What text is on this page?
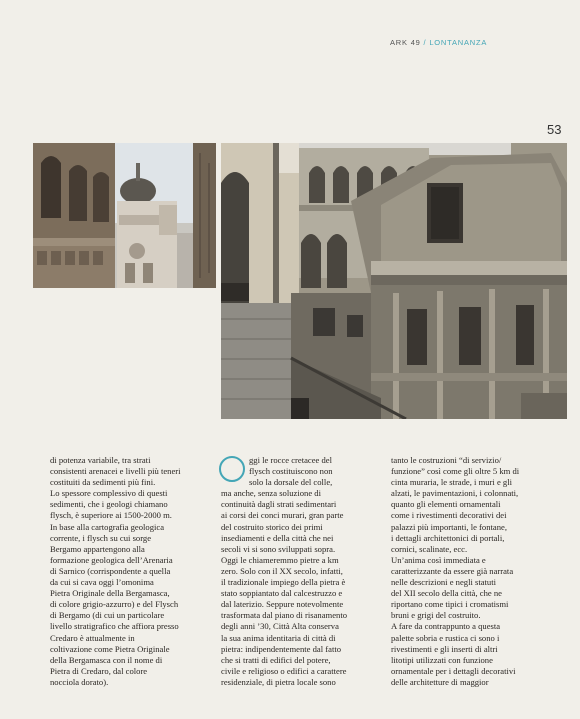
ARK 49 / LONTANANZA
53

di potenza variabile, tra strati
consistenti arenacei e livelli più teneri
costituiti da sedimenti più fini.
Lo spessore complessivo di questi
sedimenti, che i geologi chiamano
flysch, è superiore ai 1500-2000 m.
In base alla cartografia geologica
corrente, i flysch su cui sorge
Bergamo appartengono alla
formazione geologica dell’Arenaria
di Sarnico (corrispondente a quella
da cui si cava oggi l’omonima
Pietra Originale della Bergamasca,
di colore grigio-azzurro) e del Flysch
di Bergamo (di cui un particolare
livello stratigrafico che affiora presso
Credaro è attualmente in
coltivazione come Pietra Originale
della Bergamasca con il nome di
Pietra di Credaro, dal colore
nocciola dorato).

ggi le rocce cretacee del
flysch costituiscono non
solo la dorsale del colle,
ma anche, senza soluzione di
continuità dagli strati sedimentari
ai corsi dei conci murari, gran parte
del costruito storico dei primi
insediamenti e della città che nei
secoli vi si sono sviluppati sopra.
Oggi le chiameremmo pietre a km
zero. Solo con il XX secolo, infatti,
il tradizionale impiego della pietra è
stato soppiantato dal calcestruzzo e
dal laterizio. Seppure notevolmente
trasformata dal piano di risanamento
degli anni ’30, Città Alta conserva
la sua anima identitaria di città di
pietra: indipendentemente dal fatto
che si tratti di edifici del potere,
civile e religioso o edifici a carattere
residenziale, di pietra locale sono

tanto le costruzioni “di servizio/
funzione” così come gli oltre 5 km di
cinta muraria, le strade, i muri e gli
alzati, le pavimentazioni, i colonnati,
quanto gli elementi ornamentali
come i rivestimenti decorativi dei
palazzi più importanti, le fontane,
i dettagli architettonici di portali,
cornici, scalinate, ecc.
Un’anima così immediata e
caratterizzante da essere già narrata
nelle descrizioni e negli statuti
del XII secolo della città, che ne
riportano come tipici i cromatismi
bruni e grigi del costruito.
A fare da contrappunto a questa
palette sobria e rustica ci sono i
rivestimenti e gli inserti di altri
litotipi utilizzati con funzione
ornamentale per i dettagli decorativi
delle architetture di maggior
